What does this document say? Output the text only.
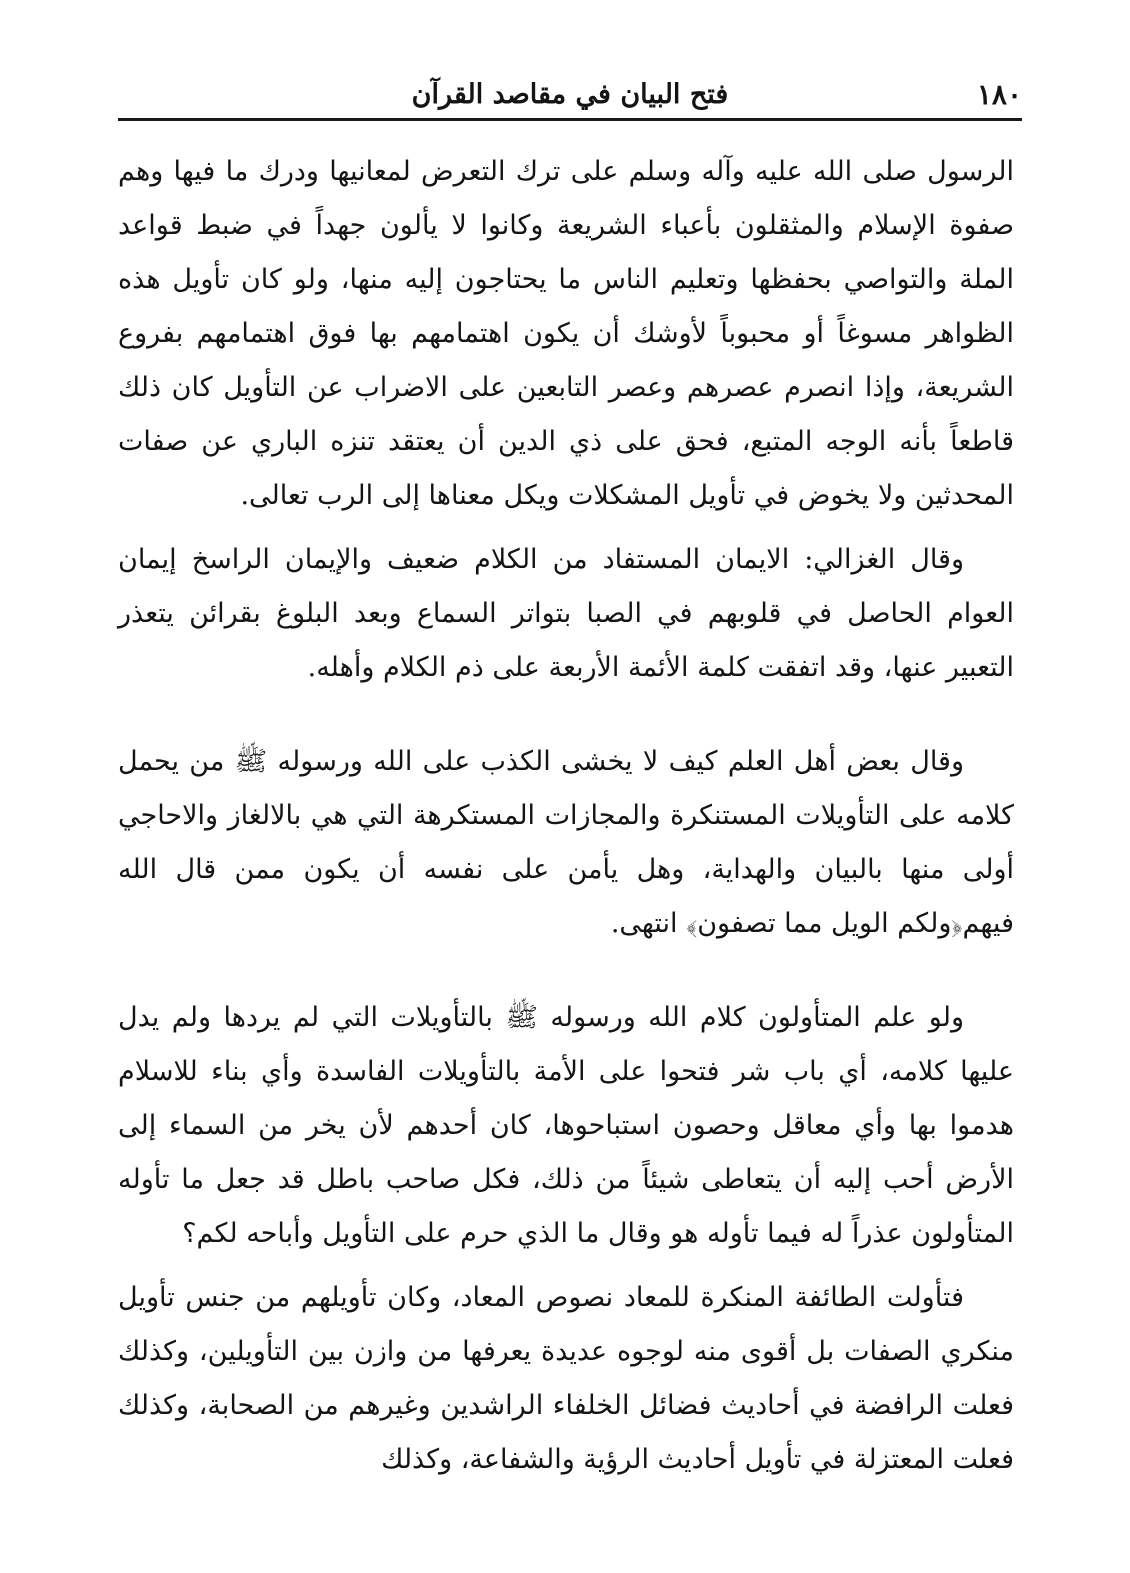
١٨٠
فتح البيان في مقاصد القرآن

الرسول صلى الله عليه وآله وسلم على ترك التعرض لمعانيها ودرك ما فيها وهم صفوة الإسلام والمثقلون بأعباء الشريعة وكانوا لا يألون جهداً في ضبط قواعد الملة والتواصي بحفظها وتعليم الناس ما يحتاجون إليه منها، ولو كان تأويل هذه الظواهر مسوغاً أو محبوباً لأوشك أن يكون اهتمامهم بها فوق اهتمامهم بفروع الشريعة، وإذا انصرم عصرهم وعصر التابعين على الاضراب عن التأويل كان ذلك قاطعاً بأنه الوجه المتبع، فحق على ذي الدين أن يعتقد تنزه الباري عن صفات المحدثين ولا يخوض في تأويل المشكلات ويكل معناها إلى الرب تعالى.

وقال الغزالي: الايمان المستفاد من الكلام ضعيف والإيمان الراسخ إيمان العوام الحاصل في قلوبهم في الصبا بتواتر السماع وبعد البلوغ بقرائن يتعذر التعبير عنها، وقد اتفقت كلمة الأئمة الأربعة على ذم الكلام وأهله.

وقال بعض أهل العلم كيف لا يخشى الكذب على الله ورسوله ﷺ من يحمل كلامه على التأويلات المستنكرة والمجازات المستكرهة التي هي بالالغاز والاحاجي أولى منها بالبيان والهداية، وهل يأمن على نفسه أن يكون ممن قال الله فيهم﴿ولكم الويل مما تصفون﴾ انتهى.

ولو علم المتأولون كلام الله ورسوله ﷺ بالتأويلات التي لم يردها ولم يدل عليها كلامه، أي باب شر فتحوا على الأمة بالتأويلات الفاسدة وأي بناء للاسلام هدموا بها وأي معاقل وحصون استباحوها، كان أحدهم لأن يخر من السماء إلى الأرض أحب إليه أن يتعاطى شيئاً من ذلك، فكل صاحب باطل قد جعل ما تأوله المتأولون عذراً له فيما تأوله هو وقال ما الذي حرم على التأويل وأباحه لكم؟

فتأولت الطائفة المنكرة للمعاد نصوص المعاد، وكان تأويلهم من جنس تأويل منكري الصفات بل أقوى منه لوجوه عديدة يعرفها من وازن بين التأويلين، وكذلك فعلت الرافضة في أحاديث فضائل الخلفاء الراشدين وغيرهم من الصحابة، وكذلك فعلت المعتزلة في تأويل أحاديث الرؤية والشفاعة، وكذلك
